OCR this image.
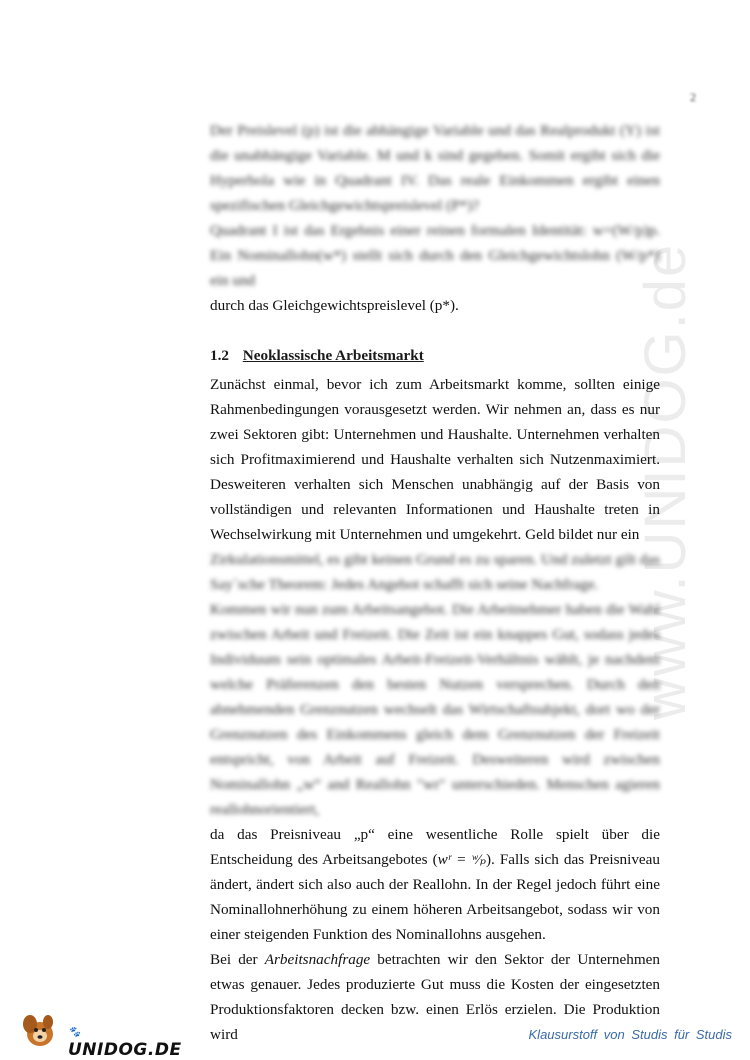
2
www.UNIDOG.de

Der Preislevel (p) ist die abhängige Variable und das Realprodukt (Y) ist die unabhängige Variable. M und k sind gegeben. Somit ergibt sich die Hyperbola wie in Quadrant IV. Das reale Einkommen ergibt einen spezifischen Gleichgewichtspreislevel (P*)?

Quadrant I ist das Ergebnis einer reinen formalen Identität: w=(W/p)p. Ein Nominallohn(w*) stellt sich durch den Gleichgewichtslohn (W/p*) ein und

durch das Gleichgewichtspreislevel (p*).

1.2 Neoklassische Arbeitsmarkt

Zunächst einmal, bevor ich zum Arbeitsmarkt komme, sollten einige Rahmenbedingungen vorausgesetzt werden. Wir nehmen an, dass es nur zwei Sektoren gibt: Unternehmen und Haushalte. Unternehmen verhalten sich Profitmaximierend und Haushalte verhalten sich Nutzenmaximiert. Desweiteren verhalten sich Menschen unabhängig auf der Basis von vollständigen und relevanten Informationen und Haushalte treten in Wechselwirkung mit Unternehmen und umgekehrt. Geld bildet nur ein

Zirkulationsmittel, es gibt keinen Grund es zu sparen. Und zuletzt gilt das Say´sche Theorem: Jedes Angebot schafft sich seine Nachfrage.

Kommen wir nun zum Arbeitsangebot. Die Arbeitnehmer haben die Wahl zwischen Arbeit und Freizeit. Die Zeit ist ein knappes Gut, sodass jedes Individuum sein optimales Arbeit-Freizeit-Verhältnis wählt, je nachdem welche Präferenzen den besten Nutzen versprechen. Durch den abnehmenden Grenznutzen wechselt das Wirtschaftsubjekt, dort wo der Grenznutzen des Einkommens gleich dem Grenznutzen der Freizeit entspricht, von Arbeit auf Freizeit. Desweiteren wird zwischen Nominallohn „w“ and Reallohn "wr" unterschieden. Menschen agieren reallohnorientiert,

da das Preisniveau „p“ eine wesentliche Rolle spielt über die Entscheidung des Arbeitsangebotes (wʳ = ʷ⁄ₚ). Falls sich das Preisniveau ändert, ändert sich also auch der Reallohn. In der Regel jedoch führt eine Nominallohnerhöhung zu einem höheren Arbeitsangebot, sodass wir von einer steigenden Funktion des Nominallohns ausgehen.

Bei der Arbeitsnachfrage betrachten wir den Sektor der Unternehmen etwas genauer. Jedes produzierte Gut muss die Kosten der eingesetzten Produktionsfaktoren decken bzw. einen Erlös erzielen. Die Produktion wird

🐾UNIDOG.DE
Klausurstoff von Studis für Studis
